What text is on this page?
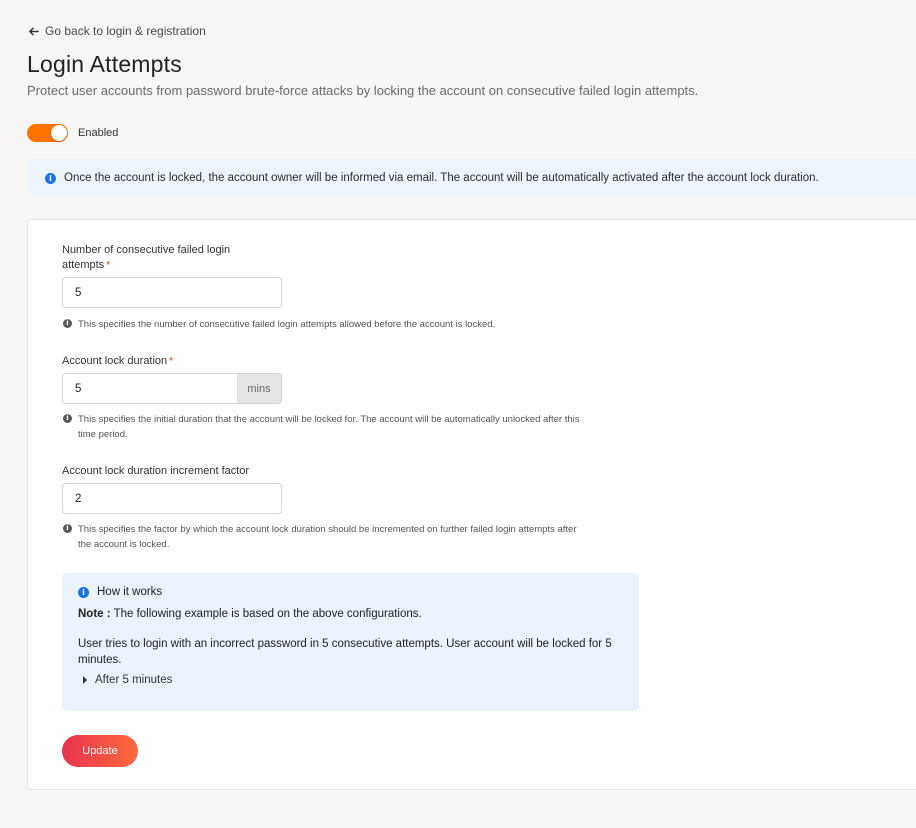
Go back to login & registration
Login Attempts

Protect user accounts from password brute-force attacks by locking the account on consecutive failed login attempts.

Enabled
i	Once the account is locked, the account owner will be informed via email. The account will be automatically activated after the account lock duration.
Number of consecutive failed login
attempts *
5
i This specifies the number of consecutive failed login attempts allowed before the account is locked.
Account lock duration *
5
mins
i This specifies the initial duration that the account will be locked for. The account will be automatically unlocked after this
time period.
Account lock duration increment factor
2
i This specifies the factor by which the account lock duration should be incremented on further failed login attempts after
the account is locked.
i	How it works
Note : The following example is based on the above configurations.
User tries to login with an incorrect password in 5 consecutive attempts. User account will be locked for 5 minutes.
After 5 minutes
Update
